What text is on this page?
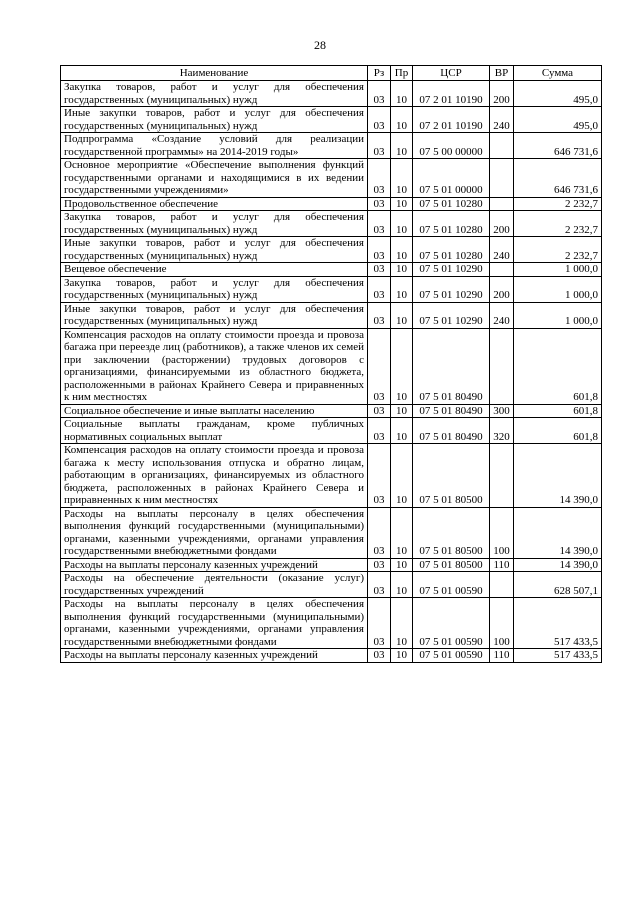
28
Наименование	Рз	Пр	ЦСР	ВР	Сумма
Закупка товаров, работ и услуг для обеспечения государственных (муниципальных) нужд	03	10	07 2 01 10190	200	495,0
Иные закупки товаров, работ и услуг для обеспечения государственных (муниципальных) нужд	03	10	07 2 01 10190	240	495,0
Подпрограмма «Создание условий для реализации государственной программы» на 2014-2019 годы»	03	10	07 5 00 00000		646 731,6
Основное мероприятие «Обеспечение выполнения функций государственными органами и находящимися в их ведении государственными учреждениями»	03	10	07 5 01 00000		646 731,6
Продовольственное обеспечение	03	10	07 5 01 10280		2 232,7
Закупка товаров, работ и услуг для обеспечения государственных (муниципальных) нужд	03	10	07 5 01 10280	200	2 232,7
Иные закупки товаров, работ и услуг для обеспечения государственных (муниципальных) нужд	03	10	07 5 01 10280	240	2 232,7
Вещевое обеспечение	03	10	07 5 01 10290		1 000,0
Закупка товаров, работ и услуг для обеспечения государственных (муниципальных) нужд	03	10	07 5 01 10290	200	1 000,0
Иные закупки товаров, работ и услуг для обеспечения государственных (муниципальных) нужд	03	10	07 5 01 10290	240	1 000,0
Компенсация расходов на оплату стоимости проезда и провоза багажа при переезде лиц (работников), а также членов их семей при заключении (расторжении) трудовых договоров с организациями, финансируемыми из областного бюджета, расположенными в районах Крайнего Севера и приравненных к ним местностях	03	10	07 5 01 80490		601,8
Социальное обеспечение и иные выплаты населению	03	10	07 5 01 80490	300	601,8
Социальные выплаты гражданам, кроме публичных нормативных социальных выплат	03	10	07 5 01 80490	320	601,8
Компенсация расходов на оплату стоимости проезда и провоза багажа к месту использования отпуска и обратно лицам, работающим в организациях, финансируемых из областного бюджета, расположенных в районах Крайнего Севера и приравненных к ним местностях	03	10	07 5 01 80500		14 390,0
Расходы на выплаты персоналу в целях обеспечения выполнения функций государственными (муниципальными) органами, казенными учреждениями, органами управления государственными внебюджетными фондами	03	10	07 5 01 80500	100	14 390,0
Расходы на выплаты персоналу казенных учреждений	03	10	07 5 01 80500	110	14 390,0
Расходы на обеспечение деятельности (оказание услуг) государственных учреждений	03	10	07 5 01 00590		628 507,1
Расходы на выплаты персоналу в целях обеспечения выполнения функций государственными (муниципальными) органами, казенными учреждениями, органами управления государственными внебюджетными фондами	03	10	07 5 01 00590	100	517 433,5
Расходы на выплаты персоналу казенных учреждений	03	10	07 5 01 00590	110	517 433,5
